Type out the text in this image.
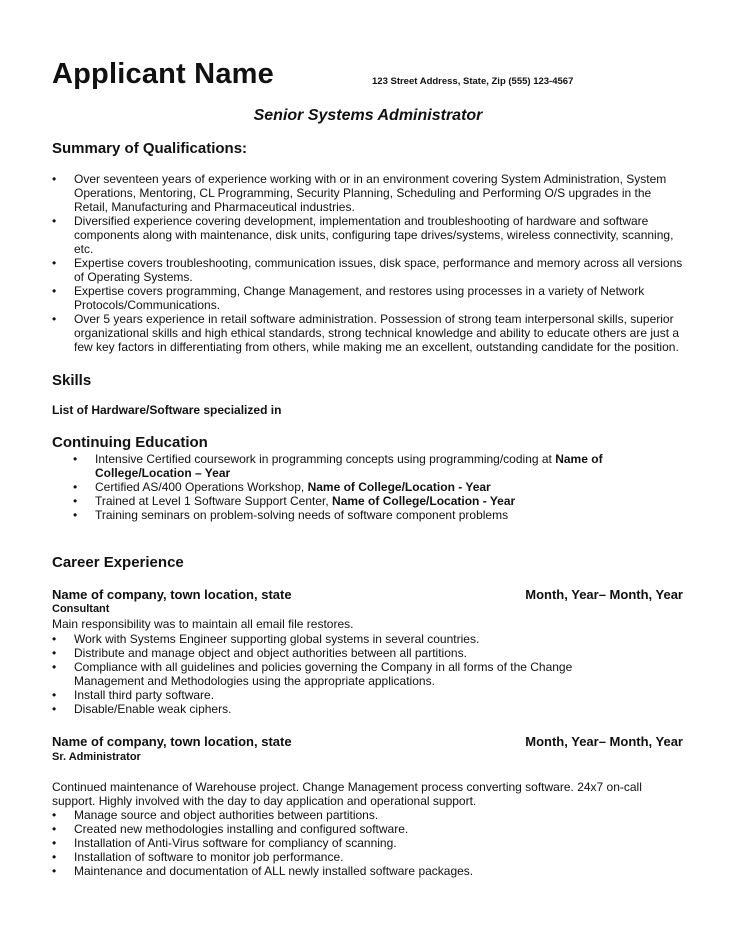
Applicant Name	123 Street Address, State, Zip (555) 123-4567
Senior Systems Administrator
Summary of Qualifications:
• Over seventeen years of experience working with or in an environment covering System Administration, System Operations, Mentoring, CL Programming, Security Planning, Scheduling and Performing O/S upgrades in the Retail, Manufacturing and Pharmaceutical industries.
• Diversified experience covering development, implementation and troubleshooting of hardware and software components along with maintenance, disk units, configuring tape drives/systems, wireless connectivity, scanning, etc.
• Expertise covers troubleshooting, communication issues, disk space, performance and memory across all versions of Operating Systems.
• Expertise covers programming, Change Management, and restores using processes in a variety of Network Protocols/Communications.
• Over 5 years experience in retail software administration. Possession of strong team interpersonal skills, superior organizational skills and high ethical standards, strong technical knowledge and ability to educate others are just a few key factors in differentiating from others, while making me an excellent, outstanding candidate for the position.
Skills
List of Hardware/Software specialized in
Continuing Education
• Intensive Certified coursework in programming concepts using programming/coding at Name of College/Location – Year
• Certified AS/400 Operations Workshop, Name of College/Location - Year
• Trained at Level 1 Software Support Center, Name of College/Location - Year
• Training seminars on problem-solving needs of software component problems
Career Experience
Name of company, town location, state	Month, Year– Month, Year
Consultant
Main responsibility was to maintain all email file restores.
• Work with Systems Engineer supporting global systems in several countries.
• Distribute and manage object and object authorities between all partitions.
• Compliance with all guidelines and policies governing the Company in all forms of the Change Management and Methodologies using the appropriate applications.
• Install third party software.
• Disable/Enable weak ciphers.
Name of company, town location, state	Month, Year– Month, Year
Sr. Administrator
Continued maintenance of Warehouse project. Change Management process converting software. 24x7 on-call
support. Highly involved with the day to day application and operational support.
• Manage source and object authorities between partitions.
• Created new methodologies installing and configured software.
• Installation of Anti-Virus software for compliancy of scanning.
• Installation of software to monitor job performance.
• Maintenance and documentation of ALL newly installed software packages.
